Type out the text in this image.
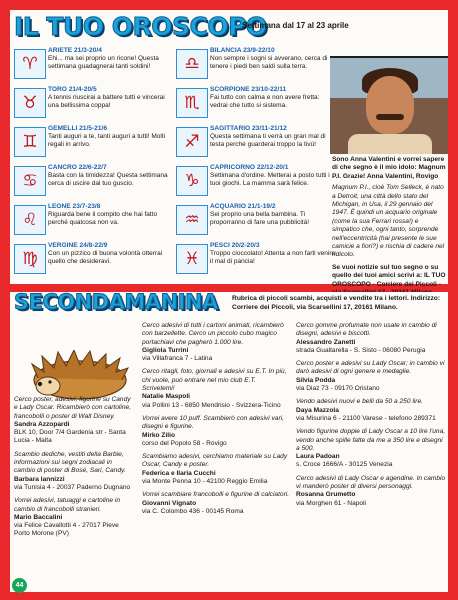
IL TUO OROSCOPO
Settimana dal 17 al 23 aprile
♈
ARIETE 21/3-20/4
Ehi... ma sei proprio un ricone! Questa settimana guadagnerai tanti soldini!
♉
TORO 21/4-20/5
A tennis riuscirai a battere tutti e vincerai una bellissima coppa!
♊
GEMELLI 21/5-21/6
Tanti auguri a te, tanti auguri a tutti! Molti regali in arrivo.
♋
CANCRO 22/6-22/7
Basta con la timidezza! Questa settimana cerca di uscire dal tuo guscio.
♌
LEONE 23/7-23/8
Riguarda bene il compito che hai fatto perché qualcosa non va.
♍
VERGINE 24/8-22/9
Con un pizzico di buona volontà otterrai quello che desideravi.
♎
BILANCIA 23/9-22/10
Non sempre i sogni si avverano, cerca di tenere i piedi ben saldi sulla terra.
♏
SCORPIONE 23/10-22/11
Fai tutto con calma e non avere fretta: vedrai che tutto si sistema.
♐
SAGITTARIO 23/11-21/12
Questa settimana ti verrà un gran mal di testa perché guarderai troppo la tivù!
♑
CAPRICORNO 22/12-20/1
Settimana d'ordine. Metterai a posto tutti i tuoi giochi. La mamma sarà felice.
♒
ACQUARIO 21/1-19/2
Sei proprio una bella bambina. Ti proporranno di fare una pubblicità!
♓
PESCI 20/2-20/3
Troppo cioccolato! Attenta a non farti venire il mal di pancia!
Sono Anna Valentini e vorrei sapere di che segno è il mio idolo: Magnum P.I. Grazie! Anna Valentini, Rovigo
Magnum P.I., cioè Tom Selleck, è nato a Detroit, una città dello stato del Michigan, in Usa, il 29 gennaio del 1947. È quindi un acquario originale (come la sua Ferrari rossa!) e simpatico che, ogni tanto, sorprende nell'eccentricità (hai presente le sue camicie a fiori?) e rischia di cadere nel ridicolo.
Se vuoi notizie sul tuo segno o su quello dei tuoi amici scrivi a: IL TUO OROSCOPO - Corriere dei Piccoli -
SECONDAMANINA Rubrica di piccoli scambi, acquisti e vendite tra i lettori. Indirizzo: Corriere dei Piccoli, via Scarsellini 17, 20161 Milano.
Cerco poster, adesivi, figurine su Candy e Lady Oscar. Ricambierò con cartoline, francobolli o poster di Walt Disney.
Sandra Azzopardi
BLK 10, Door 7/4 Gardenia str - Santa Lucia - Malta
Scambio dediche, vestiti della Barbie, informazioni sui segni zodiacali in cambio di poster di Bosé, Sari, Candy.
Barbara Iannizzi
via Tunisia 4 - 20037 Paderno Dugnano
Vorrei adesivi, tatuaggi e cartoline in cambio di francobolli stranieri.
Mario Baccalini
via Felice Cavallotti 4 - 27017 Pieve Porto Morone (PV)
Cerco adesivi di tutti i cartoni animati, ricambierò con barzellette. Cerco un piccolo cubo magico portachiavi che pagherò 1.000 lire.
Gigliola Turrini
via Villafranca 7 - Latina
Cerco ritagli, foto, giornali e adesivi su E.T. In più, chi vuole, può entrare nel mio club E.T. Scrivetemi!
Natalie Maspoli
via Pollini 13 - 6850 Mendrisio - Svizzera-Ticino
Vorrei avere 10 puff. Scambierò con adesivi vari, disegni e figurine.
Mirko Zilio
corso del Popolo 58 - Rovigo
Scambiamo adesivi, cerchiamo materiale su Lady Oscar, Candy e poster.
Federica e Ilaria Cucchi
via Monte Penna 10 - 42100 Reggio Emilia
Vorrei scambiare francobolli e figurine di calciatori.
Giovanni Vignato
via C. Colombo 436 - 00145 Roma
Cerco gomme profumate non usate in cambio di disegni, adesivi e biscotti.
Alessandro Zanetti
strada Gualtarella - S. Sisto - 06080 Perugia
Cerco poster e adesivi su Lady Oscar; in cambio vi darò adesivi di ogni genere e medaglie.
Silvia Podda
via Diaz 73 - 09170 Oristano
Vendo adesivi nuovi e belli da 50 a 250 lire.
Daya Mazzola
via Misurina 6 - 21100 Varese - telefono 289371
Vendo figurine doppie di Lady Oscar a 10 lire l'una, vendo anche spille fatte da me a 350 lire e disegni a 500.
Laura Padoan
s. Croce 1666/A - 30125 Venezia
Cerco adesivi di Lady Oscar e agendine. In cambio vi manderò poster di diversi personaggi.
Rosanna Grumetto
via Morghen 61 - Napoli
44
